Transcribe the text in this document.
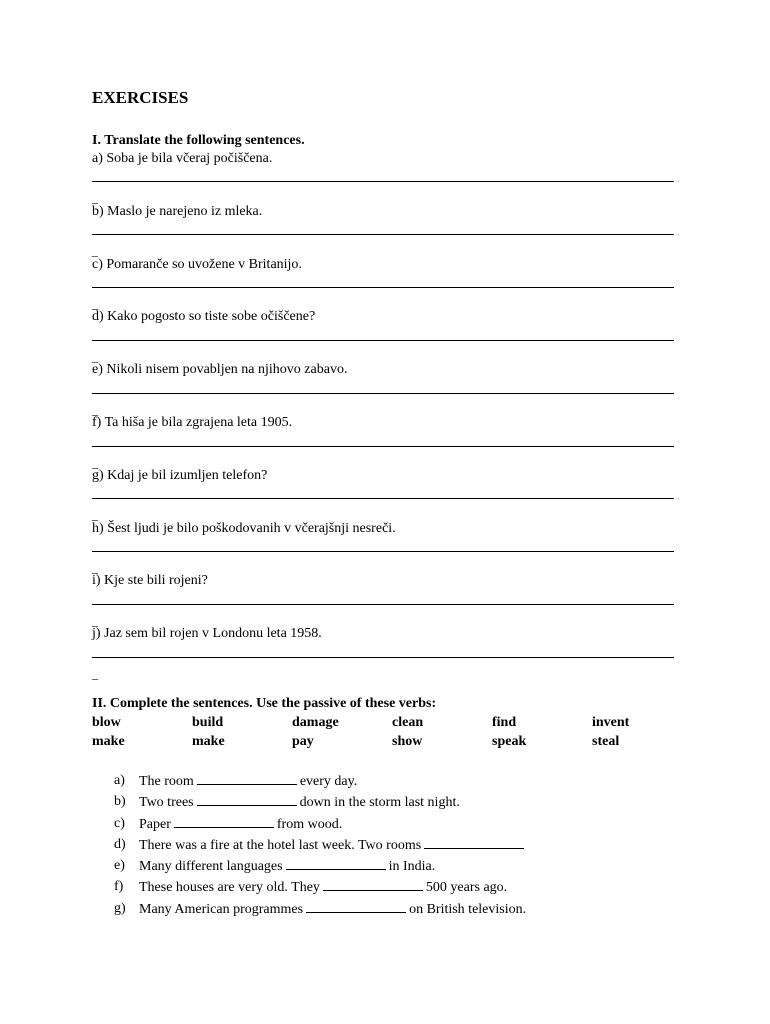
EXERCISES
I. Translate the following sentences.
a) Soba je bila včeraj počiščena.
_
b) Maslo je narejeno iz mleka.
_
c) Pomaranče so uvožene v Britanijo.
_
d) Kako pogosto so tiste sobe očiščene?
_
e) Nikoli nisem povabljen na njihovo zabavo.
_
f) Ta hiša je bila zgrajena leta 1905.
_
g) Kdaj je bil izumljen telefon?
_
h) Šest ljudi je bilo poškodovanih v včerajšnji nesreči.
_
i) Kje ste bili rojeni?
_
j) Jaz sem bil rojen v Londonu leta 1958.
_
II. Complete the sentences. Use the passive of these verbs:
blow	build	damage	clean	find	invent
make	make	pay	show	speak	steal
a) The room	every day.
b) Two trees	down in the storm last night.
c) Paper	from wood.
d) There was a fire at the hotel last week. Two rooms
e) Many different languages	in India.
f) These houses are very old. They	500 years ago.
g) Many American programmes	on British television.
